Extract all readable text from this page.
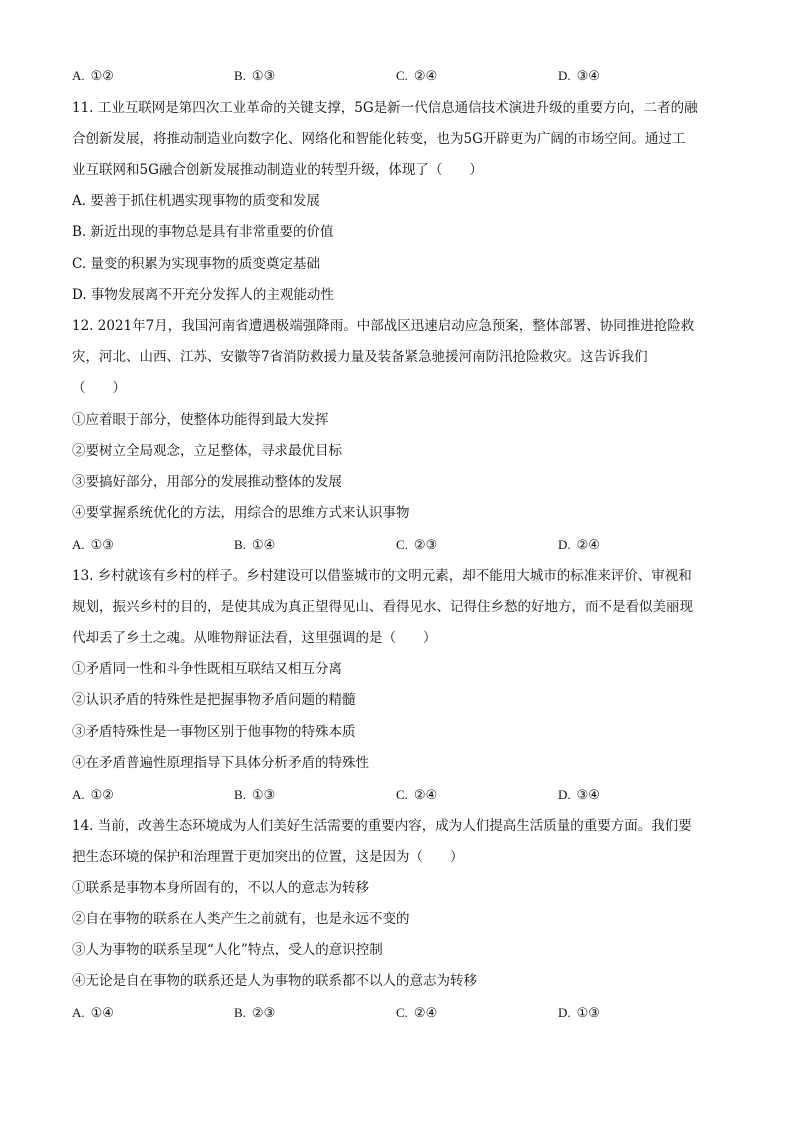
A. ①②	B. ①③	C. ②④	D. ③④
11. 工业互联网是第四次工业革命的关键支撑，5G是新一代信息通信技术演进升级的重要方向，二者的融
合创新发展，将推动制造业向数字化、网络化和智能化转变，也为5G开辟更为广阔的市场空间。通过工
业互联网和5G融合创新发展推动制造业的转型升级，体现了（　　）
A. 要善于抓住机遇实现事物的质变和发展
B. 新近出现的事物总是具有非常重要的价值
C. 量变的积累为实现事物的质变奠定基础
D. 事物发展离不开充分发挥人的主观能动性
12. 2021年7月，我国河南省遭遇极端强降雨。中部战区迅速启动应急预案，整体部署、协同推进抢险救
灾，河北、山西、江苏、安徽等7省消防救援力量及装备紧急驰援河南防汛抢险救灾。这告诉我们
（　　）
①应着眼于部分，使整体功能得到最大发挥
②要树立全局观念，立足整体，寻求最优目标
③要搞好部分，用部分的发展推动整体的发展
④要掌握系统优化的方法，用综合的思维方式来认识事物
A. ①③	B. ①④	C. ②③	D. ②④
13. 乡村就该有乡村的样子。乡村建设可以借鉴城市的文明元素，却不能用大城市的标准来评价、审视和
规划，振兴乡村的目的，是使其成为真正望得见山、看得见水、记得住乡愁的好地方，而不是看似美丽现
代却丢了乡土之魂。从唯物辩证法看，这里强调的是（　　）
①矛盾同一性和斗争性既相互联结又相互分离
②认识矛盾的特殊性是把握事物矛盾问题的精髓
③矛盾特殊性是一事物区别于他事物的特殊本质
④在矛盾普遍性原理指导下具体分析矛盾的特殊性
A. ①②	B. ①③	C. ②④	D. ③④
14. 当前，改善生态环境成为人们美好生活需要的重要内容，成为人们提高生活质量的重要方面。我们要
把生态环境的保护和治理置于更加突出的位置，这是因为（　　）
①联系是事物本身所固有的，不以人的意志为转移
②自在事物的联系在人类产生之前就有，也是永远不变的
③人为事物的联系呈现“人化”特点，受人的意识控制
④无论是自在事物的联系还是人为事物的联系都不以人的意志为转移
A. ①④	B. ②③	C. ②④	D. ①③
